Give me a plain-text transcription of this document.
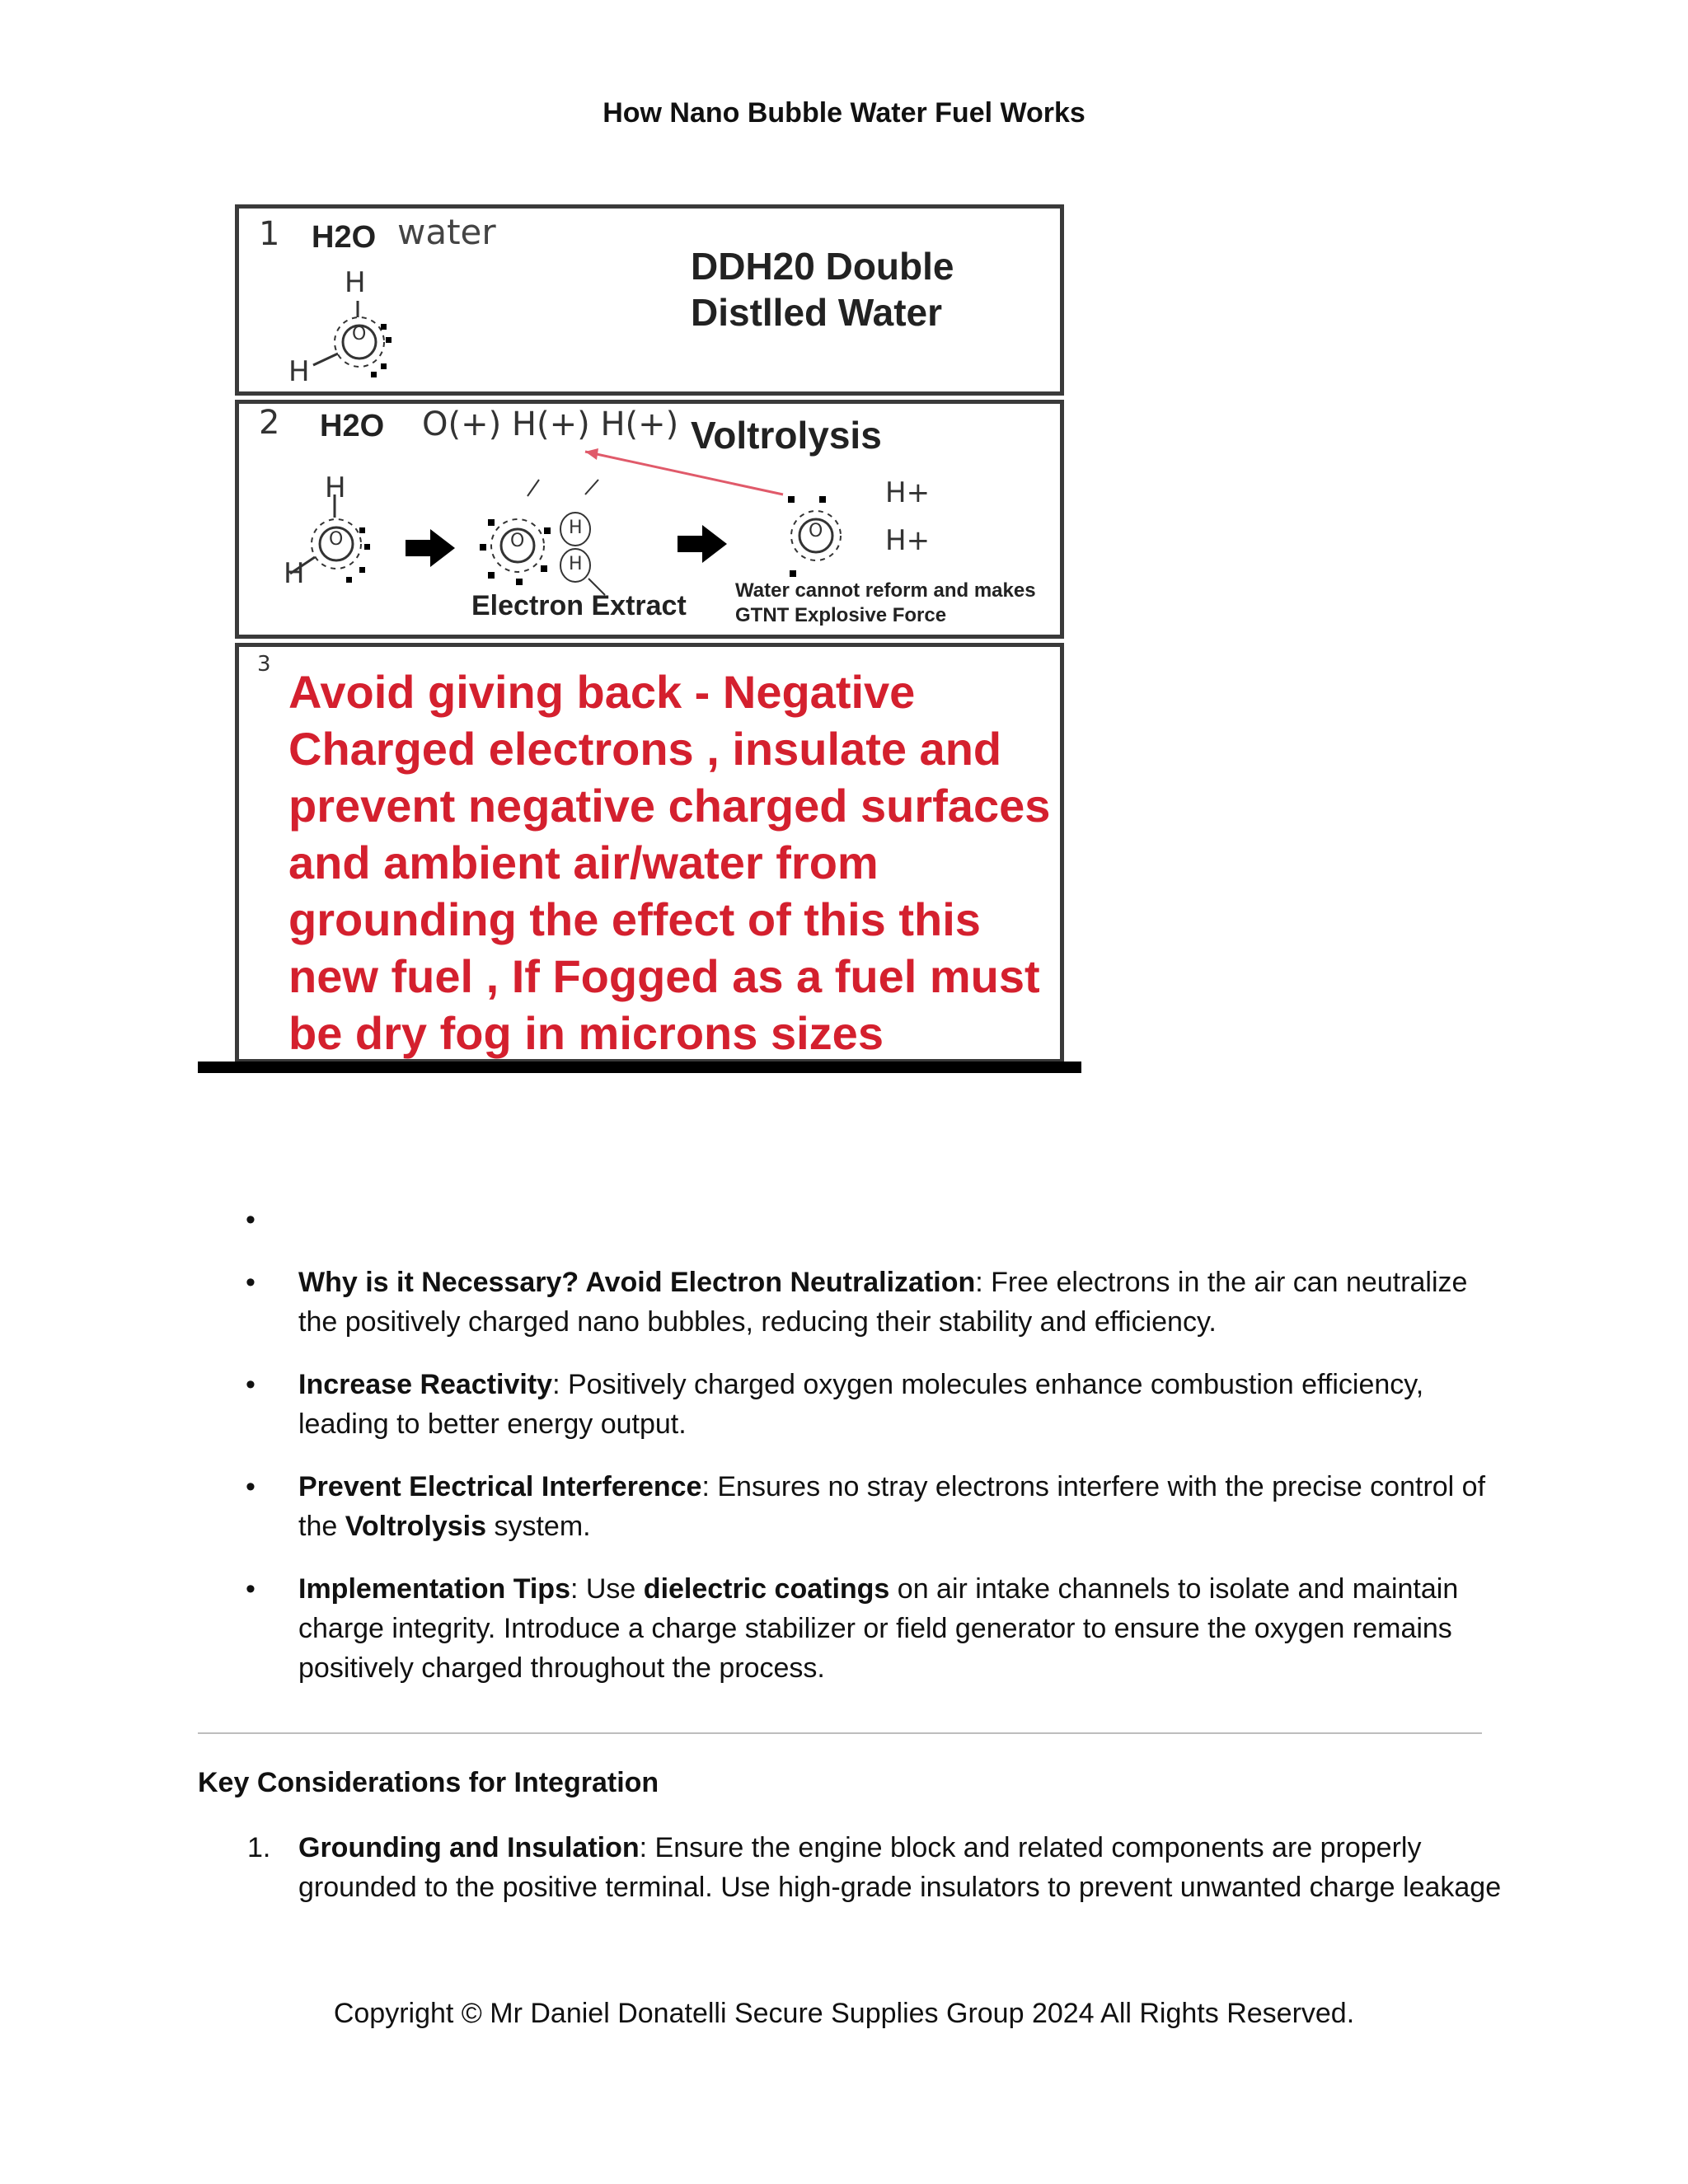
How Nano Bubble Water Fuel Works
1 H2O water
H
H
O
DDH20 Double Distlled Water
2 H2O O(+) H(+) H(+) Voltrolysis
H
H
O	O
H
H
O
H+
H+
Electron Extract Water cannot reform and makes GTNT Explosive Force
3

Avoid giving back - Negative Charged electrons , insulate and prevent negative charged surfaces and ambient air/water from grounding the effect of this this new fuel , If Fogged as a fuel must be dry fog in microns sizes

•
• Why is it Necessary? Avoid Electron Neutralization: Free electrons in the air can neutralize the positively charged nano bubbles, reducing their stability and efficiency.
• Increase Reactivity: Positively charged oxygen molecules enhance combustion efficiency, leading to better energy output.
• Prevent Electrical Interference: Ensures no stray electrons interfere with the precise control of the Voltrolysis system.
• Implementation Tips: Use dielectric coatings on air intake channels to isolate and maintain charge integrity. Introduce a charge stabilizer or field generator to ensure the oxygen remains positively charged throughout the process.
Key Considerations for Integration
1. Grounding and Insulation: Ensure the engine block and related components are properly grounded to the positive terminal. Use high-grade insulators to prevent unwanted charge leakage
Copyright © Mr Daniel Donatelli Secure Supplies Group 2024 All Rights Reserved.
